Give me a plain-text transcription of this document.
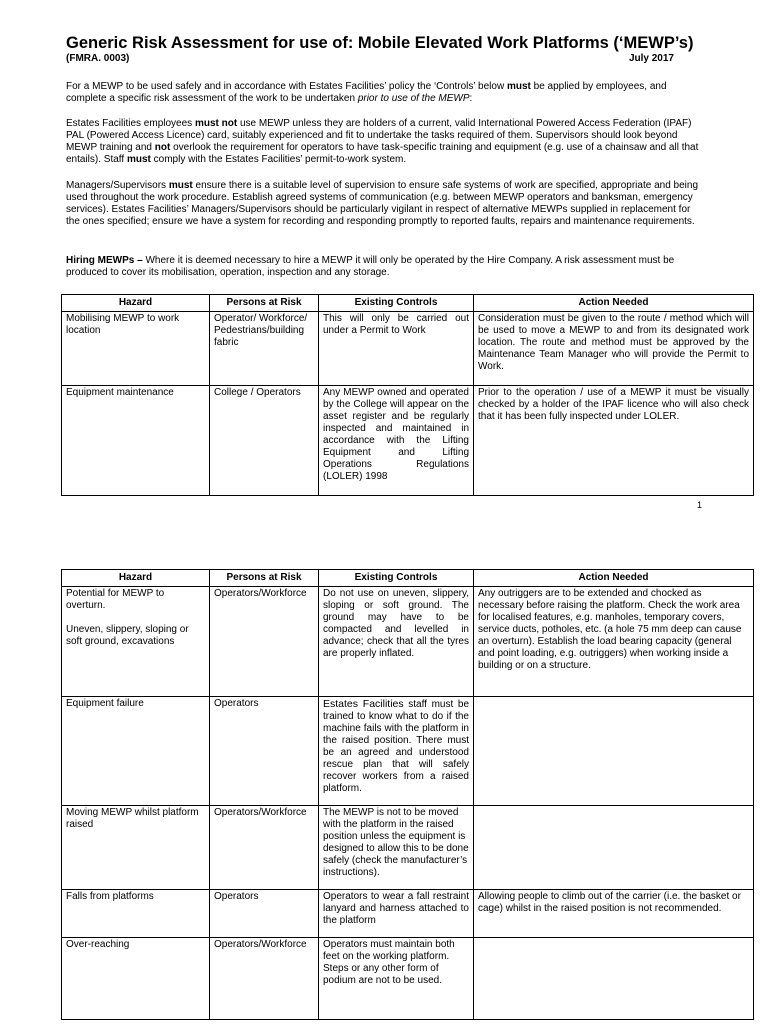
Generic Risk Assessment for use of: Mobile Elevated Work Platforms (‘MEWP’s)
(FMRA. 0003)	July 2017

For a MEWP to be used safely and in accordance with Estates Facilities’ policy the ‘Controls’ below must be applied by employees, and complete a specific risk assessment of the work to be undertaken prior to use of the MEWP:

Estates Facilities employees must not use MEWP unless they are holders of a current, valid International Powered Access Federation (IPAF) PAL (Powered Access Licence) card, suitably experienced and fit to undertake the tasks required of them. Supervisors should look beyond MEWP training and not overlook the requirement for operators to have task-specific training and equipment (e.g. use of a chainsaw and all that entails). Staff must comply with the Estates Facilities’ permit-to-work system.

Managers/Supervisors must ensure there is a suitable level of supervision to ensure safe systems of work are specified, appropriate and being used throughout the work procedure. Establish agreed systems of communication (e.g. between MEWP operators and banksman, emergency services). Estates Facilities’ Managers/Supervisors should be particularly vigilant in respect of alternative MEWPs supplied in replacement for the ones specified; ensure we have a system for recording and responding promptly to reported faults, repairs and maintenance requirements.

Hiring MEWPs – Where it is deemed necessary to hire a MEWP it will only be operated by the Hire Company. A risk assessment must be produced to cover its mobilisation, operation, inspection and any storage.

Hazard	Persons at Risk	Existing Controls	Action Needed
Mobilising MEWP to work location	Operator/ Workforce/ Pedestrians/building fabric	This will only be carried out under a Permit to Work	Consideration must be given to the route / method which will be used to move a MEWP to and from its designated work location. The route and method must be approved by the Maintenance Team Manager who will provide the Permit to Work.
Equipment maintenance	College / Operators	Any MEWP owned and operated by the College will appear on the asset register and be regularly inspected and maintained in accordance with the Lifting Equipment and Lifting Operations Regulations (LOLER) 1998	Prior to the operation / use of a MEWP it must be visually checked by a holder of the IPAF licence who will also check that it has been fully inspected under LOLER.
1
Hazard	Persons at Risk	Existing Controls	Action Needed

Potential for MEWP to overturn.
Uneven, slippery, sloping or soft ground, excavations	Operators/Workforce	Do not use on uneven, slippery, sloping or soft ground. The ground may have to be compacted and levelled in advance; check that all the tyres are properly inflated.	Any outriggers are to be extended and chocked as necessary before raising the platform. Check the work area for localised features, e.g. manholes, temporary covers, service ducts, potholes, etc. (a hole 75 mm deep can cause an overturn). Establish the load bearing capacity (general and point loading, e.g. outriggers) when working inside a building or on a structure.
Equipment failure	Operators	Estates Facilities staff must be trained to know what to do if the machine fails with the platform in the raised position. There must be an agreed and understood rescue plan that will safely recover workers from a raised platform.	
Moving MEWP whilst platform raised	Operators/Workforce	The MEWP is not to be moved with the platform in the raised position unless the equipment is designed to allow this to be done safely (check the manufacturer’s instructions).	
Falls from platforms	Operators	Operators to wear a fall restraint lanyard and harness attached to the platform	Allowing people to climb out of the carrier (i.e. the basket or cage) whilst in the raised position is not recommended.
Over-reaching	Operators/Workforce	Operators must maintain both feet on the working platform. Steps or any other form of podium are not to be used.	
